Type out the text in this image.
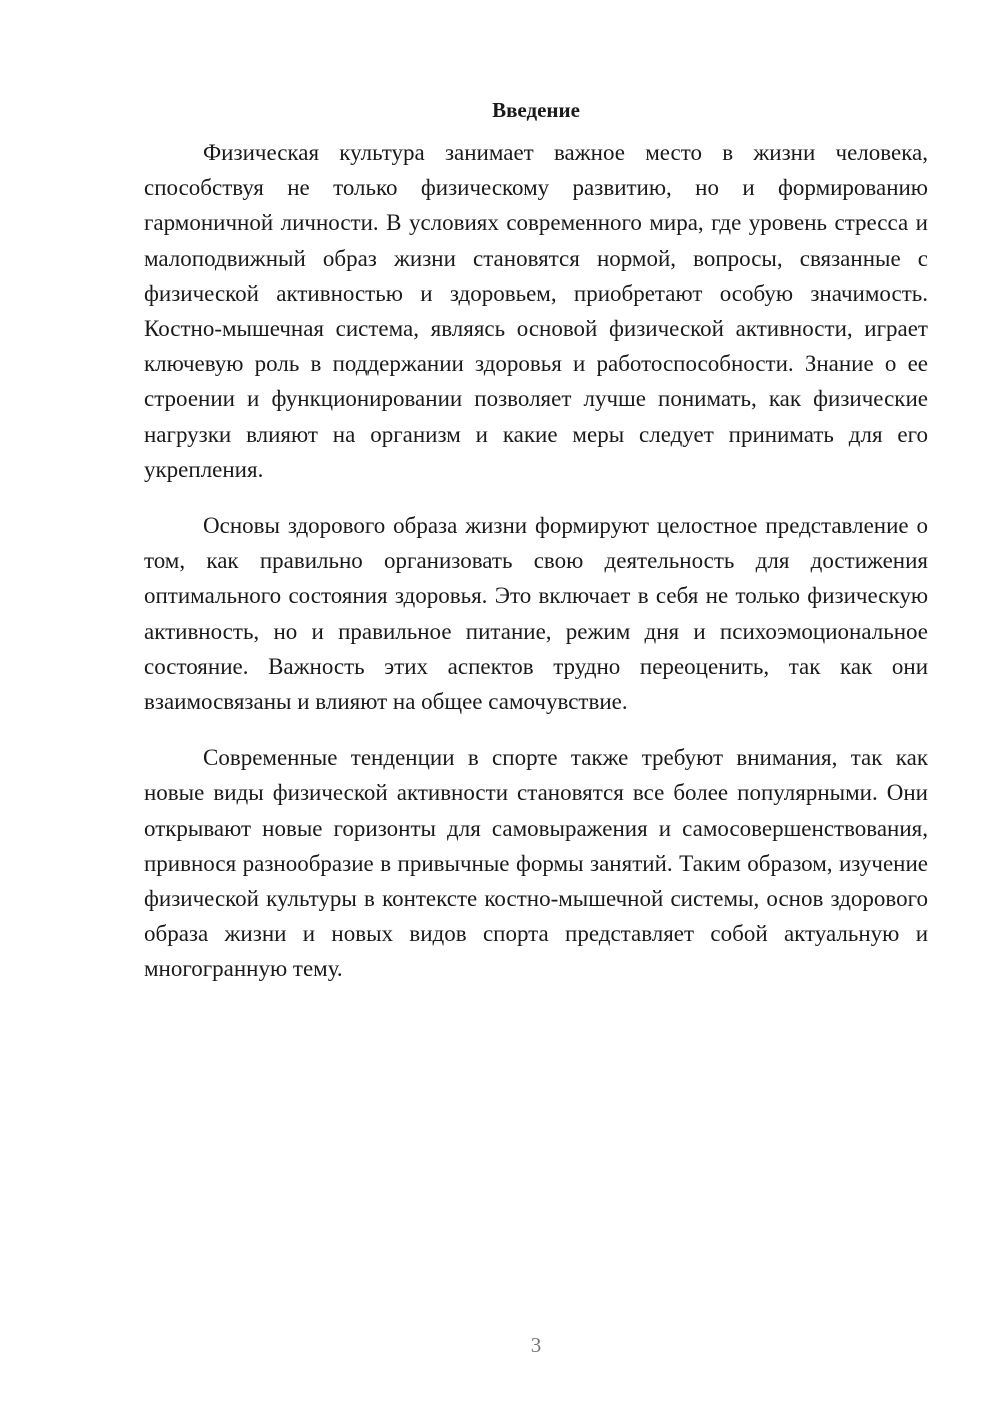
Введение

Физическая культура занимает важное место в жизни человека, способствуя не только физическому развитию, но и формированию гармоничной личности. В условиях современного мира, где уровень стресса и малоподвижный образ жизни становятся нормой, вопросы, связанные с физической активностью и здоровьем, приобретают особую значимость. Костно-мышечная система, являясь основой физической активности, играет ключевую роль в поддержании здоровья и работоспособности. Знание о ее строении и функционировании позволяет лучше понимать, как физические нагрузки влияют на организм и какие меры следует принимать для его укрепления.

Основы здорового образа жизни формируют целостное представление о том, как правильно организовать свою деятельность для достижения оптимального состояния здоровья. Это включает в себя не только физическую активность, но и правильное питание, режим дня и психоэмоциональное состояние. Важность этих аспектов трудно переоценить, так как они взаимосвязаны и влияют на общее самочувствие.

Современные тенденции в спорте также требуют внимания, так как новые виды физической активности становятся все более популярными. Они открывают новые горизонты для самовыражения и самосовершенствования, привнося разнообразие в привычные формы занятий. Таким образом, изучение физической культуры в контексте костно-мышечной системы, основ здорового образа жизни и новых видов спорта представляет собой актуальную и многогранную тему.

3
